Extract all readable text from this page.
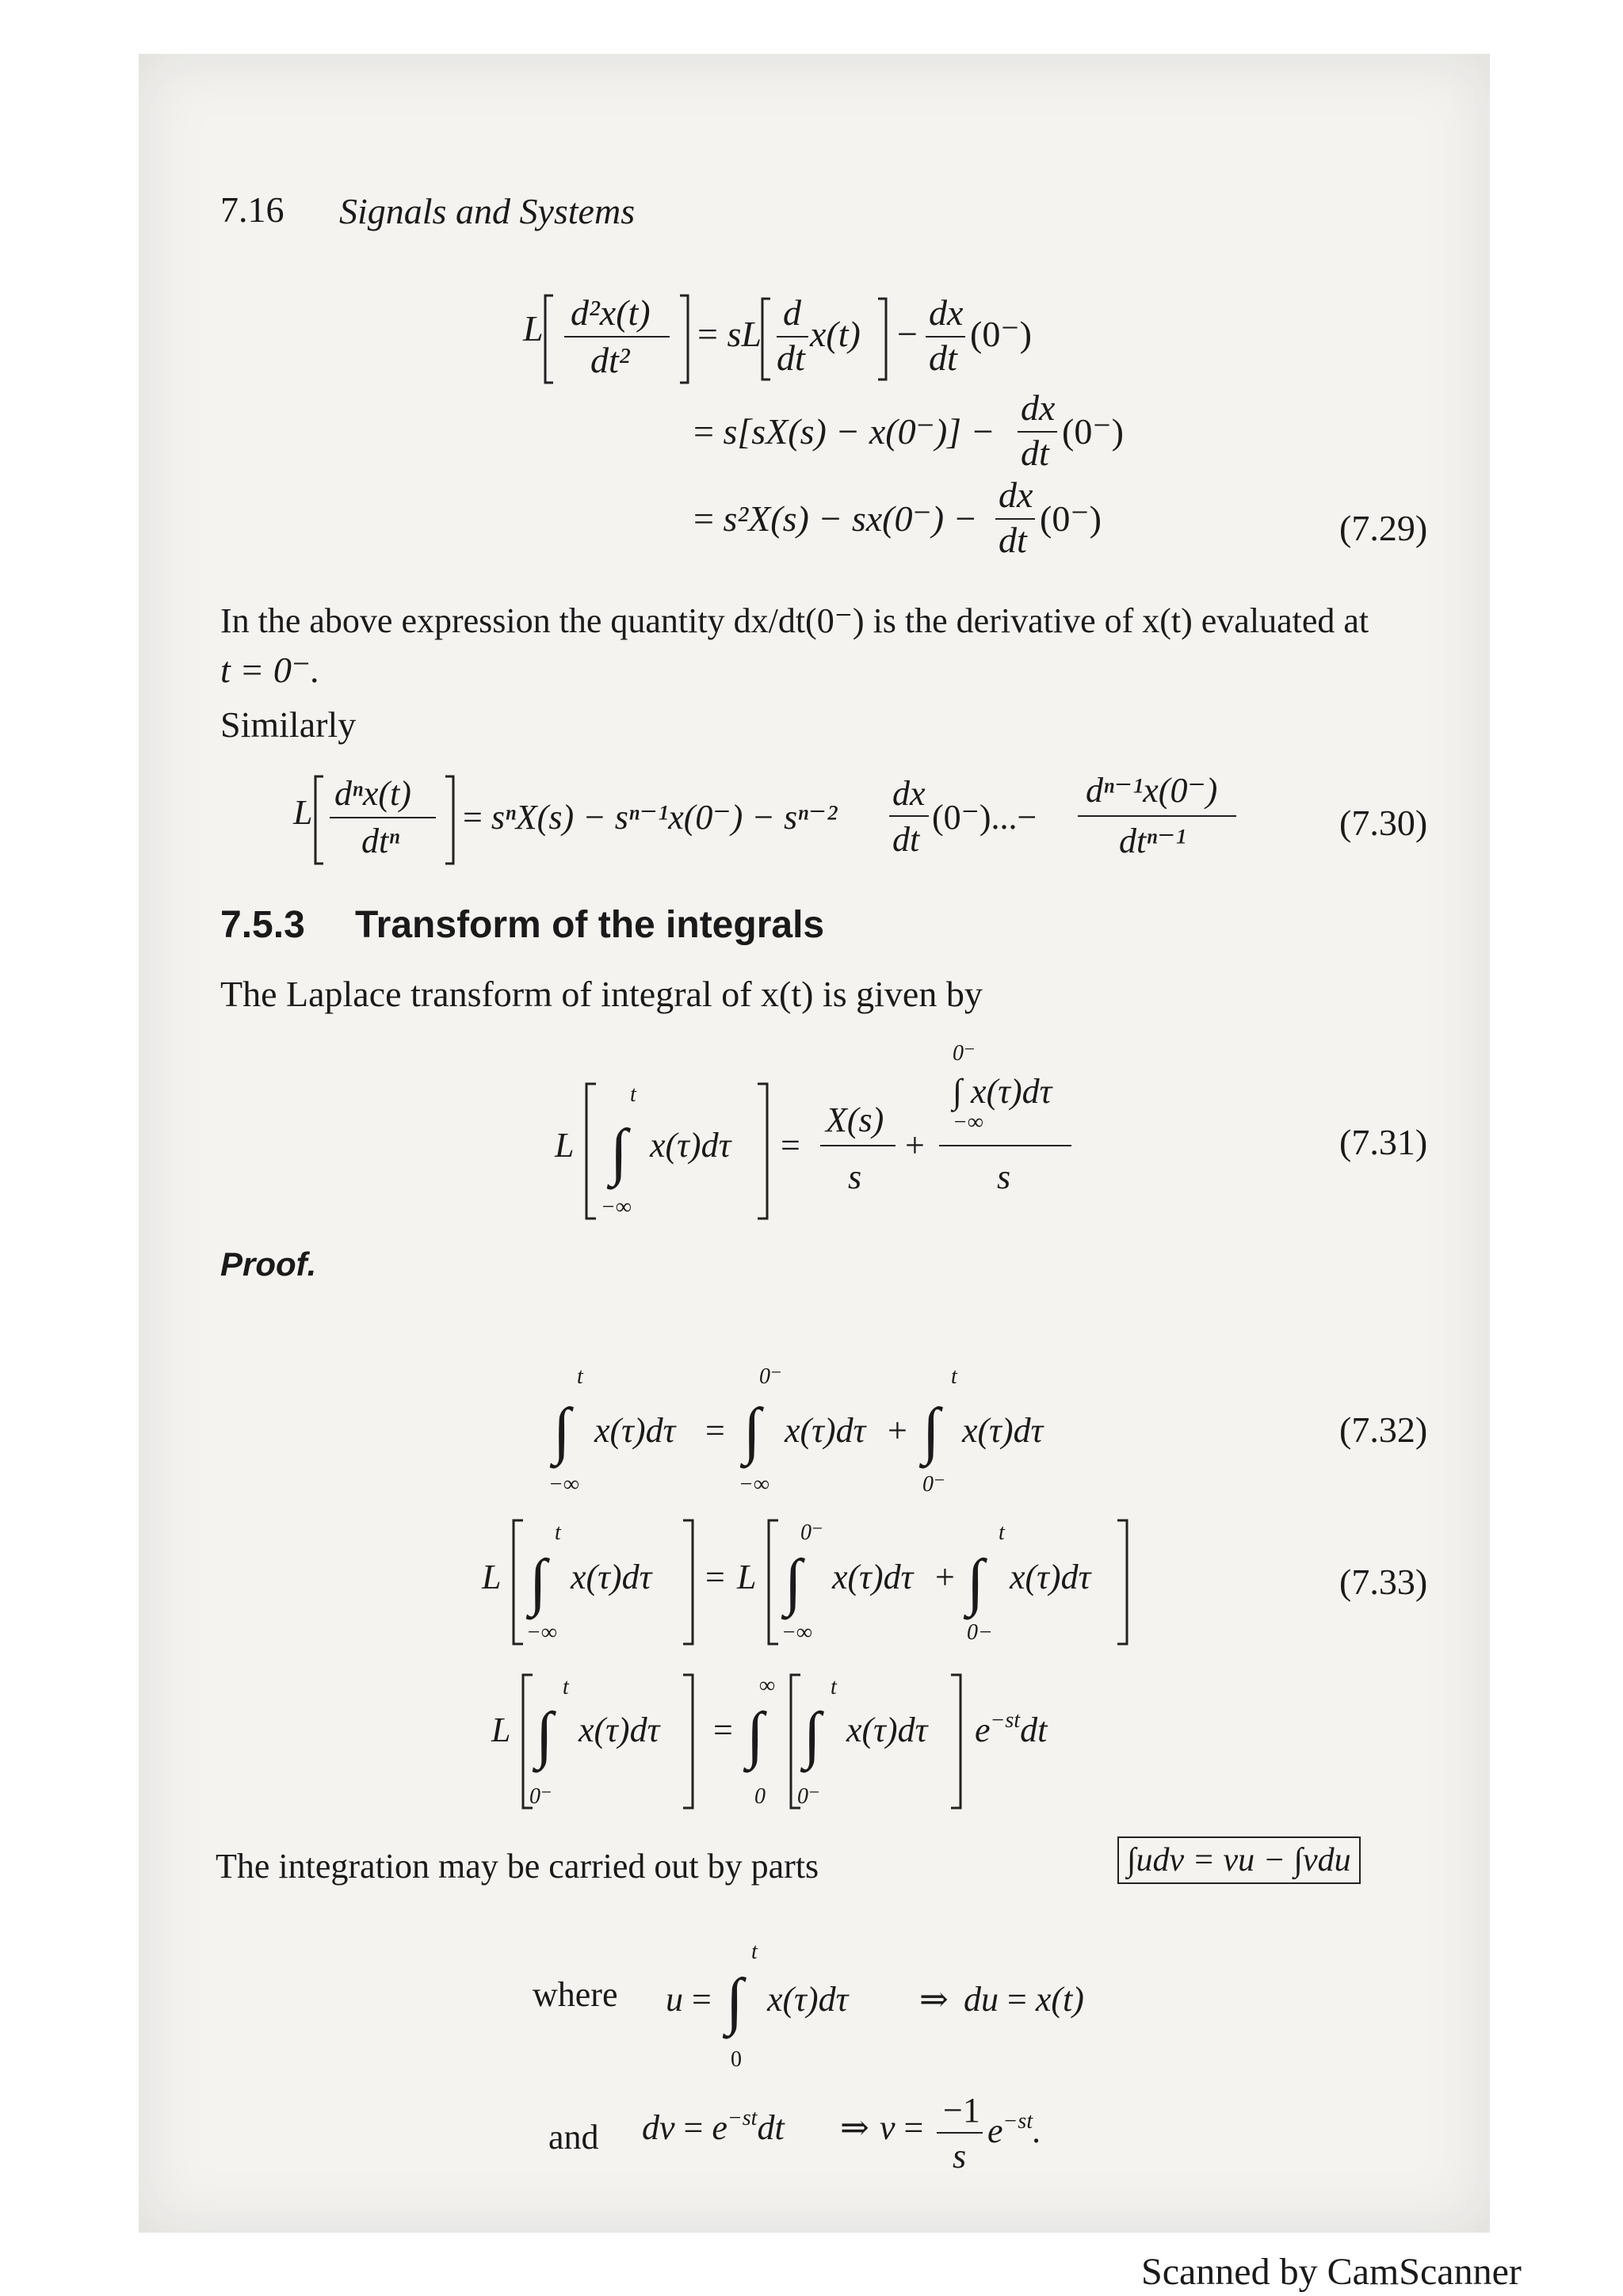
7.16 Signals and Systems
L d²x(t)
dt²
= sL
d
dt
x(t) −
dx
dt
(0⁻)
= s[sX(s) − x(0⁻)] −
dx
dt
(0⁻)
= s²X(s) − sx(0⁻) −
dx
dt
(0⁻)	(7.29)
In the above expression the quantity dx/dt(0⁻) is the derivative of x(t) evaluated at
t = 0⁻.
Similarly
L dⁿx(t)
dtⁿ
= sⁿX(s) − sⁿ⁻¹x(0⁻) − sⁿ⁻²
dx
dt
(0⁻)...−
dⁿ⁻¹x(0⁻)
dtⁿ⁻¹	(7.30)
7.5.3 Transform of the integrals
The Laplace transform of integral of x(t) is given by
L
t
∫
−∞
x(τ)dτ =
X(s)
s
+
0⁻
∫ x(τ)dτ
−∞
s
(7.31)
Proof.
t
∫
−∞
x(τ)dτ =
0⁻
∫
−∞
x(τ)dτ +
t
∫
0⁻
x(τ)dτ	(7.32)
L
t
∫
−∞
x(τ)dτ = L
0⁻
∫
−∞
x(τ)dτ +
t
∫
0−
x(τ)dτ	(7.33)
L
t
∫
0⁻
x(τ)dτ =
∞
∫
0
t
∫
0⁻
x(τ)dτ $e^{-st}dt$
The integration may be carried out by parts	∫udv = vu − ∫vdu
where u =
t
∫
0
x(τ)dτ ⇒ du = x(t)
and dv = $e^{-st}dt$ ⇒ v = −1
s
$e^{-st}$.
Scanned by CamScanner
